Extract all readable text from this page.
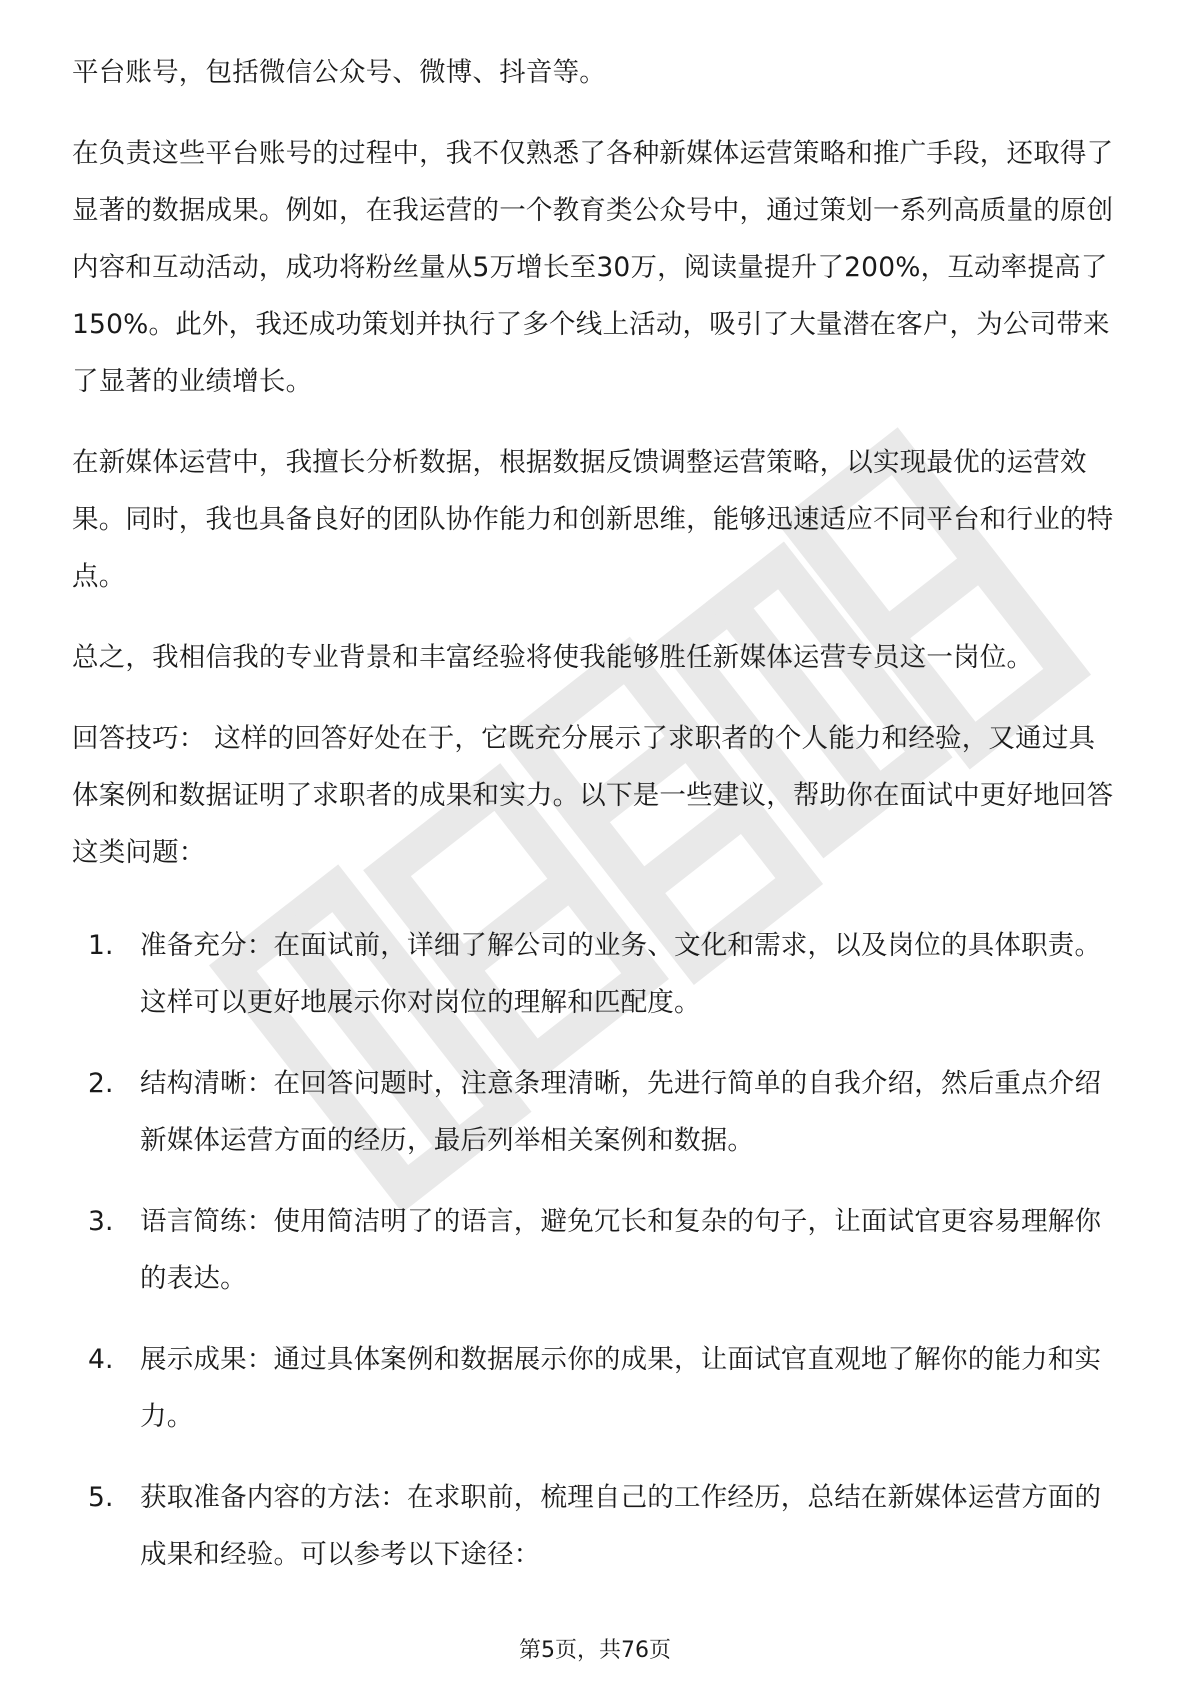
平台账号，包括微信公众号、微博、抖音等。

在负责这些平台账号的过程中，我不仅熟悉了各种新媒体运营策略和推广手段，还取得了显著的数据成果。例如，在我运营的一个教育类公众号中，通过策划一系列高质量的原创内容和互动活动，成功将粉丝量从5万增长至30万，阅读量提升了200%，互动率提高了150%。此外，我还成功策划并执行了多个线上活动，吸引了大量潜在客户，为公司带来了显著的业绩增长。

在新媒体运营中，我擅长分析数据，根据数据反馈调整运营策略，以实现最优的运营效果。同时，我也具备良好的团队协作能力和创新思维，能够迅速适应不同平台和行业的特点。

总之，我相信我的专业背景和丰富经验将使我能够胜任新媒体运营专员这一岗位。

回答技巧： 这样的回答好处在于，它既充分展示了求职者的个人能力和经验，又通过具体案例和数据证明了求职者的成果和实力。以下是一些建议，帮助你在面试中更好地回答这类问题：

1. 准备充分：在面试前，详细了解公司的业务、文化和需求，以及岗位的具体职责。这样可以更好地展示你对岗位的理解和匹配度。
2. 结构清晰：在回答问题时，注意条理清晰，先进行简单的自我介绍，然后重点介绍新媒体运营方面的经历，最后列举相关案例和数据。
3. 语言简练：使用简洁明了的语言，避免冗长和复杂的句子，让面试官更容易理解你的表达。
4. 展示成果：通过具体案例和数据展示你的成果，让面试官直观地了解你的能力和实力。
5. 获取准备内容的方法：在求职前，梳理自己的工作经历，总结在新媒体运营方面的成果和经验。可以参考以下途径：
第5页，共76页
